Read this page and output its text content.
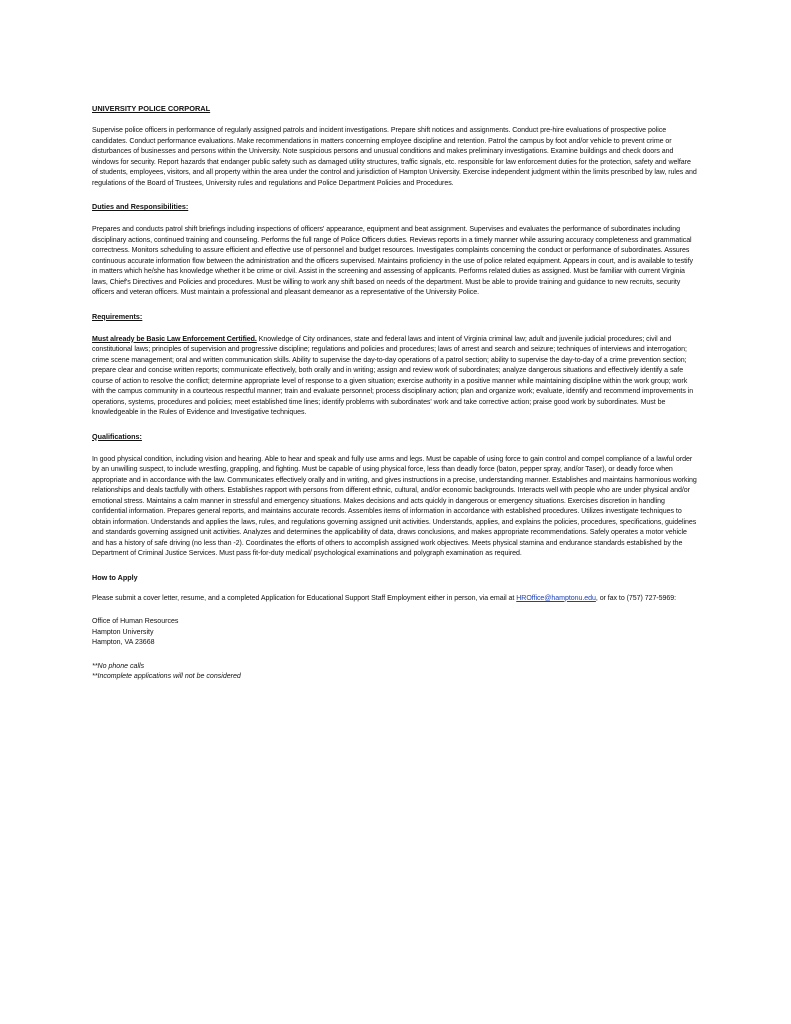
UNIVERSITY POLICE CORPORAL

Supervise police officers in performance of regularly assigned patrols and incident investigations. Prepare shift notices and assignments. Conduct pre-hire evaluations of prospective police candidates. Conduct performance evaluations. Make recommendations in matters concerning employee discipline and retention. Patrol the campus by foot and/or vehicle to prevent crime or disturbances of businesses and persons within the University. Note suspicious persons and unusual conditions and makes preliminary investigations. Examine buildings and check doors and windows for security. Report hazards that endanger public safety such as damaged utility structures, traffic signals, etc. responsible for law enforcement duties for the protection, safety and welfare of students, employees, visitors, and all property within the area under the control and jurisdiction of Hampton University. Exercise independent judgment within the limits prescribed by law, rules and regulations of the Board of Trustees, University rules and regulations and Police Department Policies and Procedures.

Duties and Responsibilities:

Prepares and conducts patrol shift briefings including inspections of officers' appearance, equipment and beat assignment. Supervises and evaluates the performance of subordinates including disciplinary actions, continued training and counseling. Performs the full range of Police Officers duties. Reviews reports in a timely manner while assuring accuracy completeness and grammatical correctness. Monitors scheduling to assure efficient and effective use of personnel and budget resources. Investigates complaints concerning the conduct or performance of subordinates. Assures continuous accurate information flow between the administration and the officers supervised. Maintains proficiency in the use of police related equipment. Appears in court, and is available to testify in matters which he/she has knowledge whether it be crime or civil. Assist in the screening and assessing of applicants. Performs related duties as assigned. Must be familiar with current Virginia laws, Chief's Directives and Policies and procedures. Must be willing to work any shift based on needs of the department. Must be able to provide training and guidance to new recruits, security officers and veteran officers. Must maintain a professional and pleasant demeanor as a representative of the University Police.

Requirements:

Must already be Basic Law Enforcement Certified. Knowledge of City ordinances, state and federal laws and intent of Virginia criminal law; adult and juvenile judicial procedures; civil and constitutional laws; principles of supervision and progressive discipline; regulations and policies and procedures; laws of arrest and search and seizure; techniques of interviews and interrogation; crime scene management; oral and written communication skills. Ability to supervise the day-to-day operations of a patrol section; ability to supervise the day-to-day of a crime prevention section; prepare clear and concise written reports; communicate effectively, both orally and in writing; assign and review work of subordinates; analyze dangerous situations and effectively identify a safe course of action to resolve the conflict; determine appropriate level of response to a given situation; exercise authority in a positive manner while maintaining discipline within the work group; work with the campus community in a courteous respectful manner; train and evaluate personnel; process disciplinary action; plan and organize work; evaluate, identify and recommend improvements in operations, systems, procedures and policies; meet established time lines; identify problems with subordinates' work and take corrective action; praise good work by subordinates. Must be knowledgeable in the Rules of Evidence and Investigative techniques.

Qualifications:

In good physical condition, including vision and hearing. Able to hear and speak and fully use arms and legs. Must be capable of using force to gain control and compel compliance of a lawful order by an unwilling suspect, to include wrestling, grappling, and fighting. Must be capable of using physical force, less than deadly force (baton, pepper spray, and/or Taser), or deadly force when appropriate and in accordance with the law. Communicates effectively orally and in writing, and gives instructions in a precise, understanding manner. Establishes and maintains harmonious working relationships and deals tactfully with others. Establishes rapport with persons from different ethnic, cultural, and/or economic backgrounds. Interacts well with people who are under physical and/or emotional stress. Maintains a calm manner in stressful and emergency situations. Makes decisions and acts quickly in dangerous or emergency situations. Exercises discretion in handling confidential information. Prepares general reports, and maintains accurate records. Assembles items of information in accordance with established procedures. Utilizes investigate techniques to obtain information. Understands and applies the laws, rules, and regulations governing assigned unit activities. Understands, applies, and explains the policies, procedures, specifications, guidelines and standards governing assigned unit activities. Analyzes and determines the applicability of data, draws conclusions, and makes appropriate recommendations. Safely operates a motor vehicle and has a history of safe driving (no less than -2). Coordinates the efforts of others to accomplish assigned work objectives. Meets physical stamina and endurance standards established by the Department of Criminal Justice Services. Must pass fit-for-duty medical/ psychological examinations and polygraph examination as required.

How to Apply

Please submit a cover letter, resume, and a completed Application for Educational Support Staff Employment either in person, via email at HROffice@hamptonu.edu, or fax to (757) 727-5969:

Office of Human Resources
Hampton University
Hampton, VA 23668

**No phone calls

**Incomplete applications will not be considered
